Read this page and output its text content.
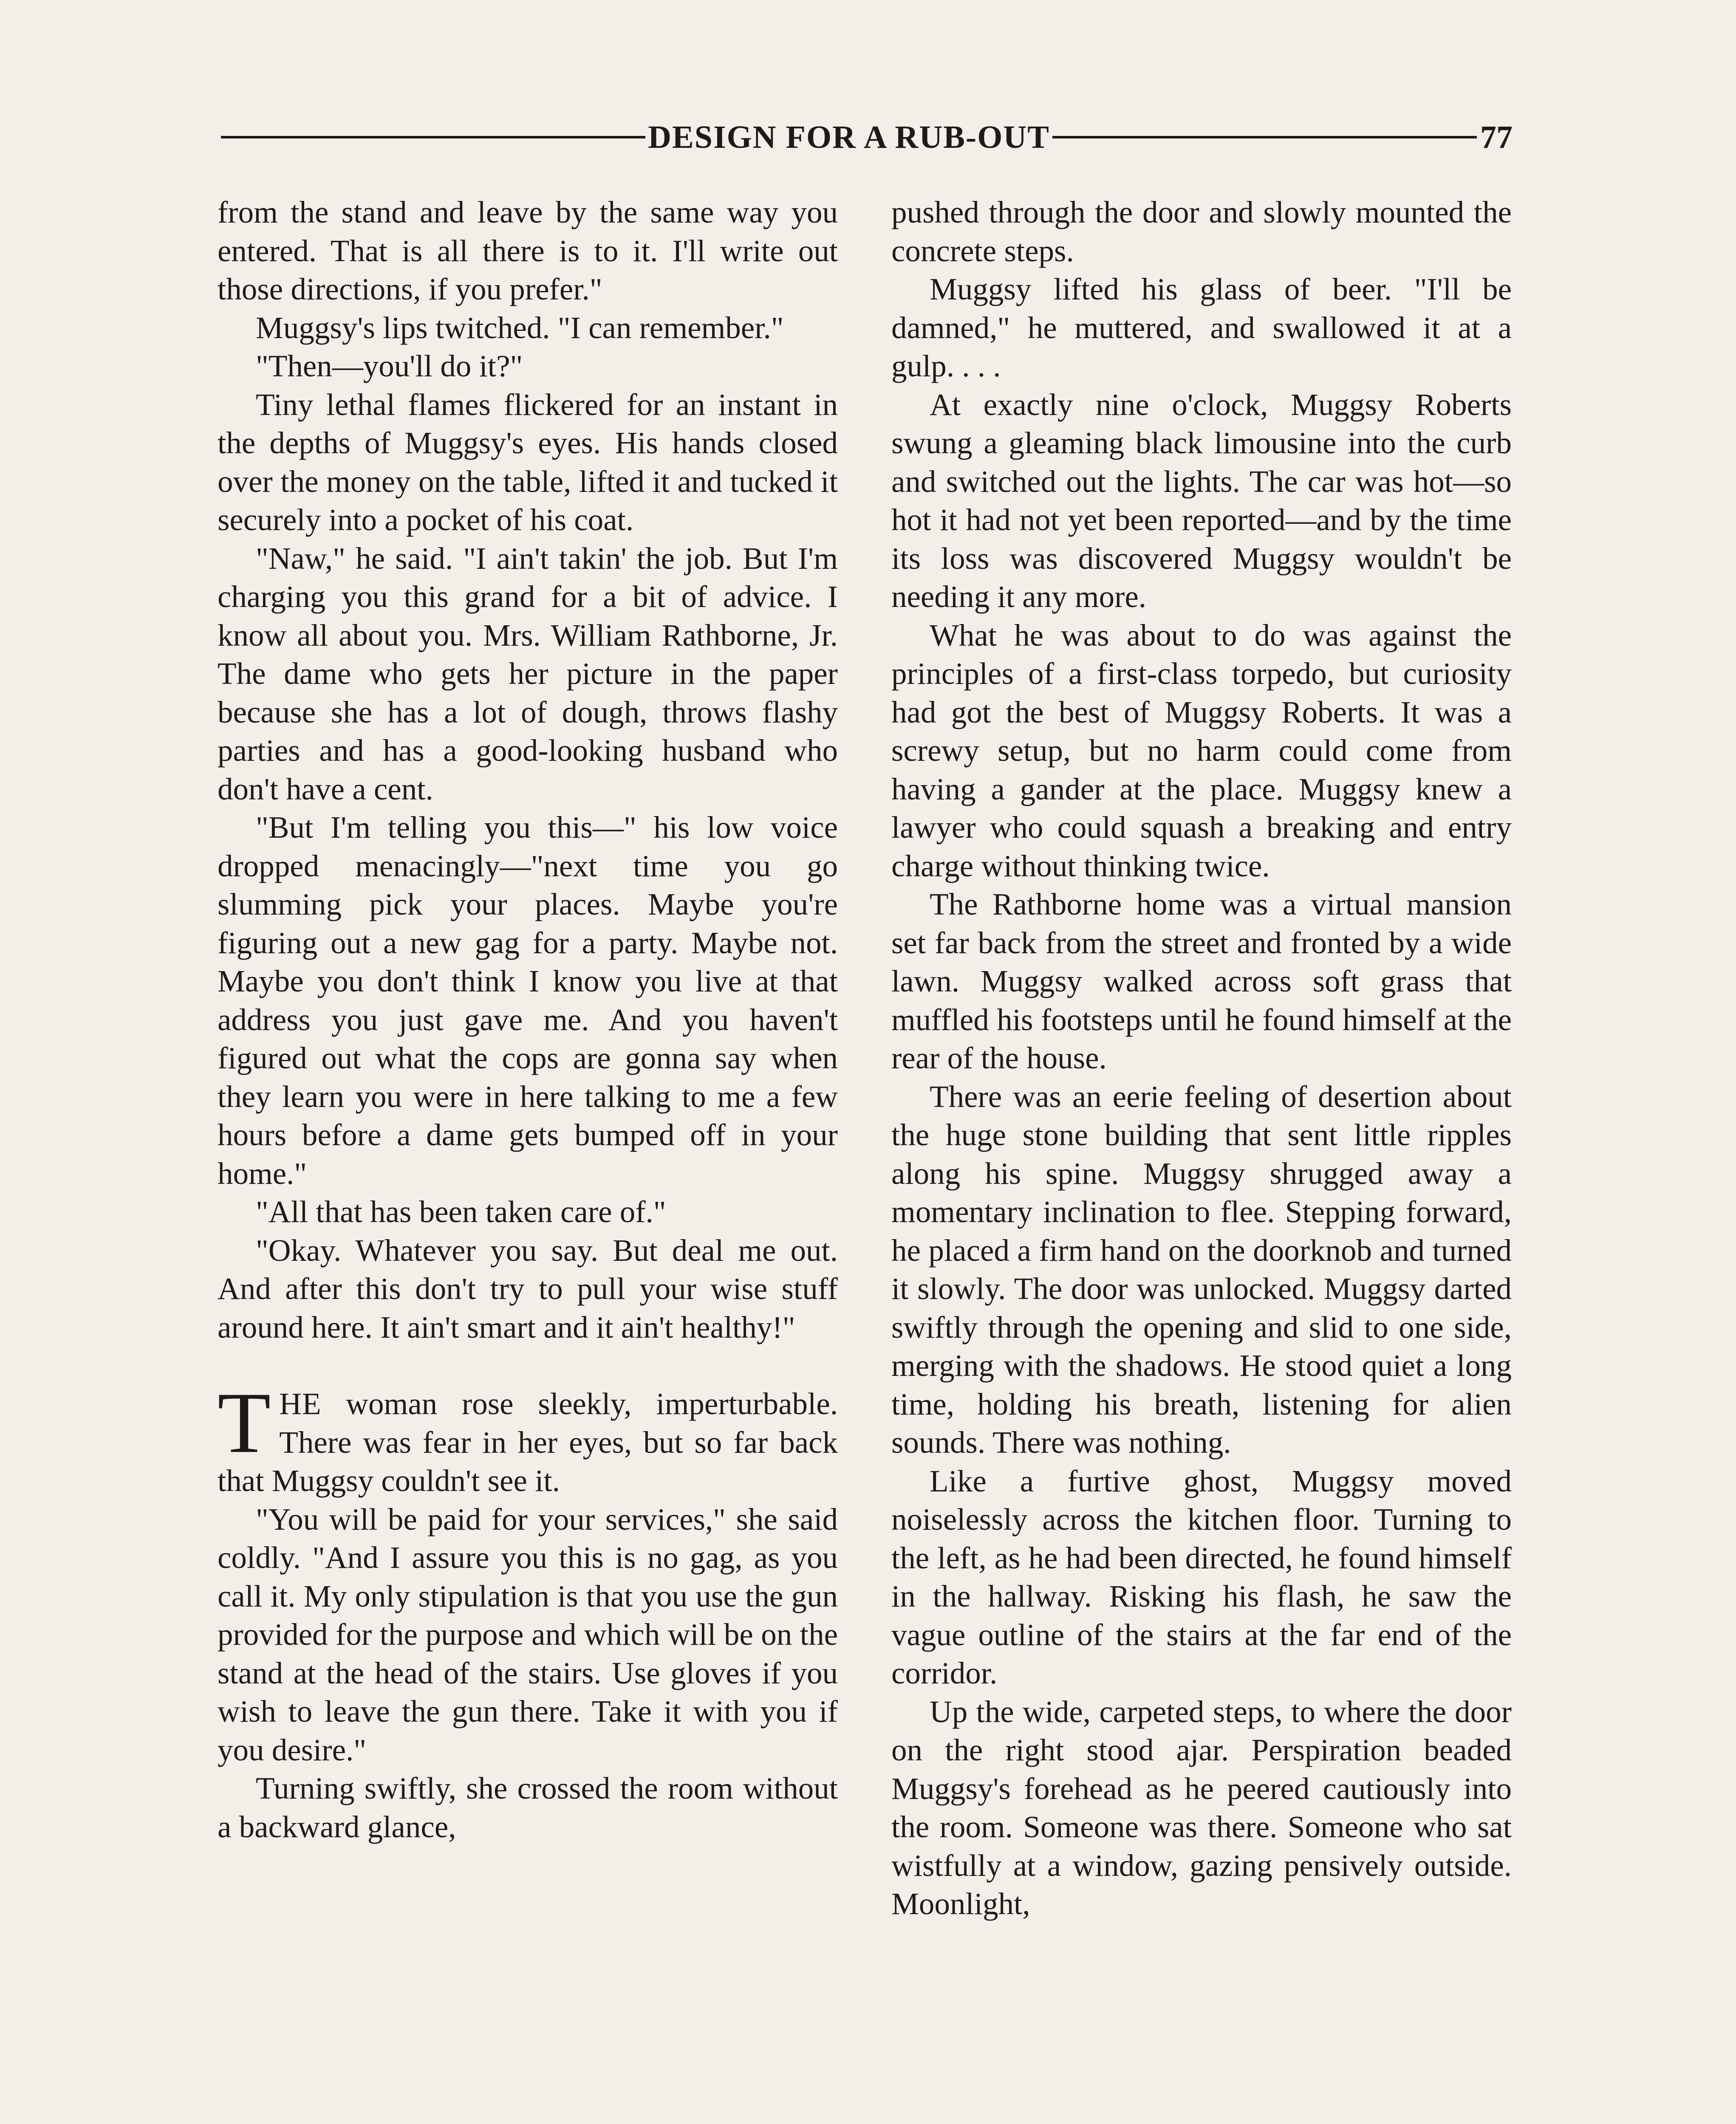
DESIGN FOR A RUB-OUT	77

from the stand and leave by the same way you entered. That is all there is to it. I'll write out those directions, if you prefer."

Muggsy's lips twitched. "I can remember."

"Then—you'll do it?"

Tiny lethal flames flickered for an instant in the depths of Muggsy's eyes. His hands closed over the money on the table, lifted it and tucked it securely into a pocket of his coat.

"Naw," he said. "I ain't takin' the job. But I'm charging you this grand for a bit of advice. I know all about you. Mrs. William Rathborne, Jr. The dame who gets her picture in the paper because she has a lot of dough, throws flashy parties and has a good-looking husband who don't have a cent.

"But I'm telling you this—" his low voice dropped menacingly—"next time you go slumming pick your places. Maybe you're figuring out a new gag for a party. Maybe not. Maybe you don't think I know you live at that address you just gave me. And you haven't figured out what the cops are gonna say when they learn you were in here talking to me a few hours before a dame gets bumped off in your home."

"All that has been taken care of."

"Okay. Whatever you say. But deal me out. And after this don't try to pull your wise stuff around here. It ain't smart and it ain't healthy!"

THE woman rose sleekly, imperturbable. There was fear in her eyes, but so far back that Muggsy couldn't see it.

"You will be paid for your services," she said coldly. "And I assure you this is no gag, as you call it. My only stipulation is that you use the gun provided for the purpose and which will be on the stand at the head of the stairs. Use gloves if you wish to leave the gun there. Take it with you if you desire."

Turning swiftly, she crossed the room without a backward glance,

pushed through the door and slowly mounted the concrete steps.

Muggsy lifted his glass of beer. "I'll be damned," he muttered, and swallowed it at a gulp. . . .

At exactly nine o'clock, Muggsy Roberts swung a gleaming black limousine into the curb and switched out the lights. The car was hot—so hot it had not yet been reported—and by the time its loss was discovered Muggsy wouldn't be needing it any more.

What he was about to do was against the principles of a first-class torpedo, but curiosity had got the best of Muggsy Roberts. It was a screwy setup, but no harm could come from having a gander at the place. Muggsy knew a lawyer who could squash a breaking and entry charge without thinking twice.

The Rathborne home was a virtual mansion set far back from the street and fronted by a wide lawn. Muggsy walked across soft grass that muffled his footsteps until he found himself at the rear of the house.

There was an eerie feeling of desertion about the huge stone building that sent little ripples along his spine. Muggsy shrugged away a momentary inclination to flee. Stepping forward, he placed a firm hand on the doorknob and turned it slowly. The door was unlocked. Muggsy darted swiftly through the opening and slid to one side, merging with the shadows. He stood quiet a long time, holding his breath, listening for alien sounds. There was nothing.

Like a furtive ghost, Muggsy moved noiselessly across the kitchen floor. Turning to the left, as he had been directed, he found himself in the hallway. Risking his flash, he saw the vague outline of the stairs at the far end of the corridor.

Up the wide, carpeted steps, to where the door on the right stood ajar. Perspiration beaded Muggsy's forehead as he peered cautiously into the room. Someone was there. Someone who sat wistfully at a window, gazing pensively outside. Moonlight,
